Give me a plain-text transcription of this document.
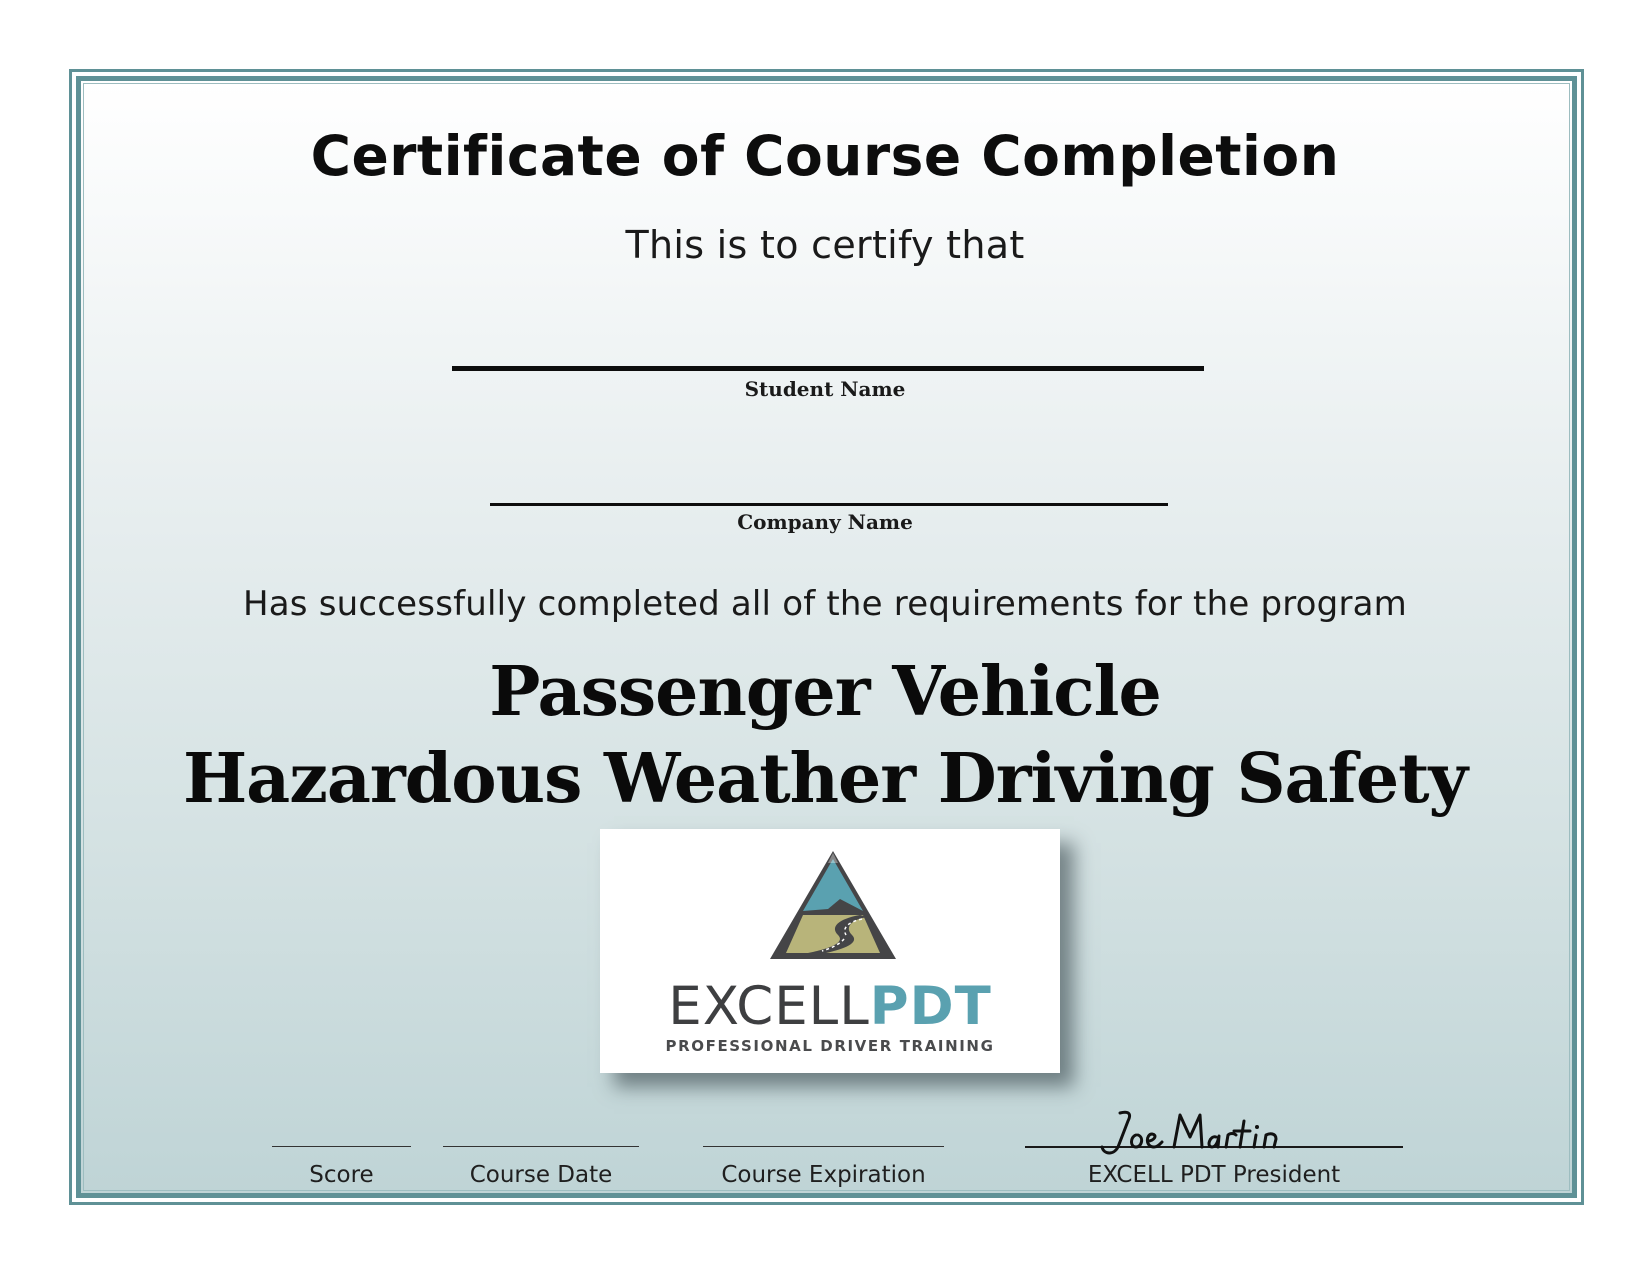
Certificate of Course Completion
This is to certify that
Student Name
Company Name
Has successfully completed all of the requirements for the program
Passenger Vehicle
Hazardous Weather Driving Safety
EXCELLPDT
PROFESSIONAL DRIVER TRAINING
Score	Course Date	Course Expiration	EXCELL PDT President
